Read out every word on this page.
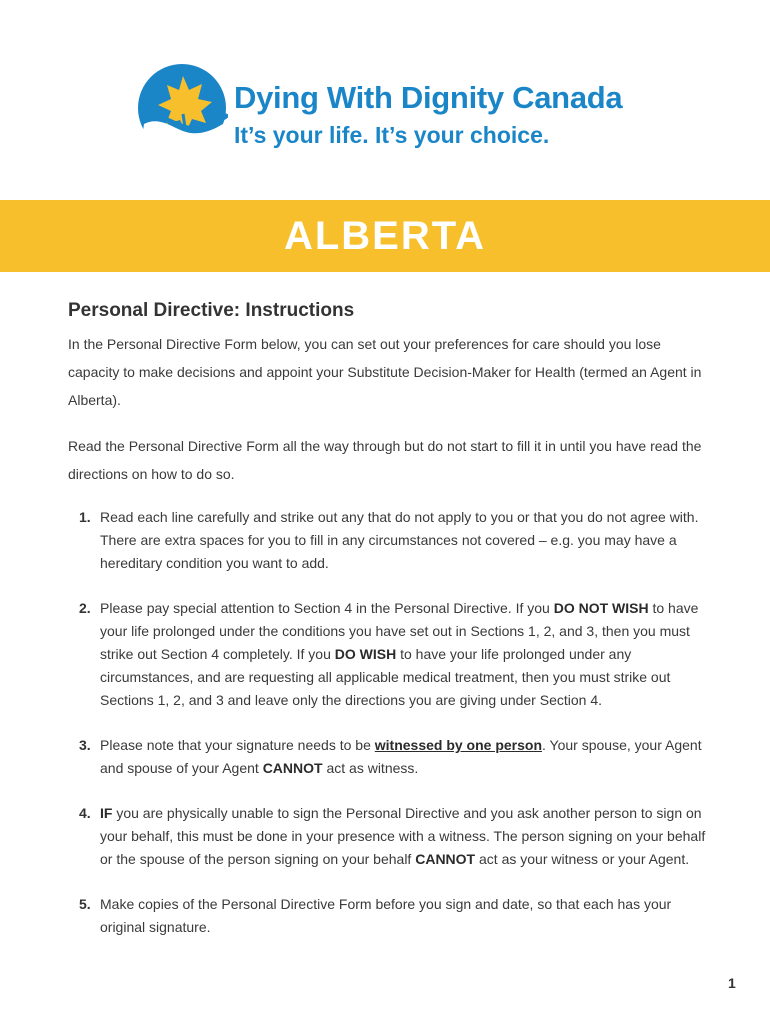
Dying With Dignity Canada

It’s your life. It’s your choice.

ALBERTA
Personal Directive: Instructions

In the Personal Directive Form below, you can set out your preferences for care should you lose capacity to make decisions and appoint your Substitute Decision-Maker for Health (termed an Agent in Alberta).

Read the Personal Directive Form all the way through but do not start to fill it in until you have read the directions on how to do so.

1. Read each line carefully and strike out any that do not apply to you or that you do not agree with. There are extra spaces for you to fill in any circumstances not covered – e.g. you may have a hereditary condition you want to add.
2. Please pay special attention to Section 4 in the Personal Directive. If you DO NOT WISH to have your life prolonged under the conditions you have set out in Sections 1, 2, and 3, then you must strike out Section 4 completely. If you DO WISH to have your life prolonged under any circumstances, and are requesting all applicable medical treatment, then you must strike out Sections 1, 2, and 3 and leave only the directions you are giving under Section 4.
3. Please note that your signature needs to be witnessed by one person. Your spouse, your Agent and spouse of your Agent CANNOT act as witness.
4. IF you are physically unable to sign the Personal Directive and you ask another person to sign on your behalf, this must be done in your presence with a witness. The person signing on your behalf or the spouse of the person signing on your behalf CANNOT act as your witness or your Agent.
5. Make copies of the Personal Directive Form before you sign and date, so that each has your original signature.
1
